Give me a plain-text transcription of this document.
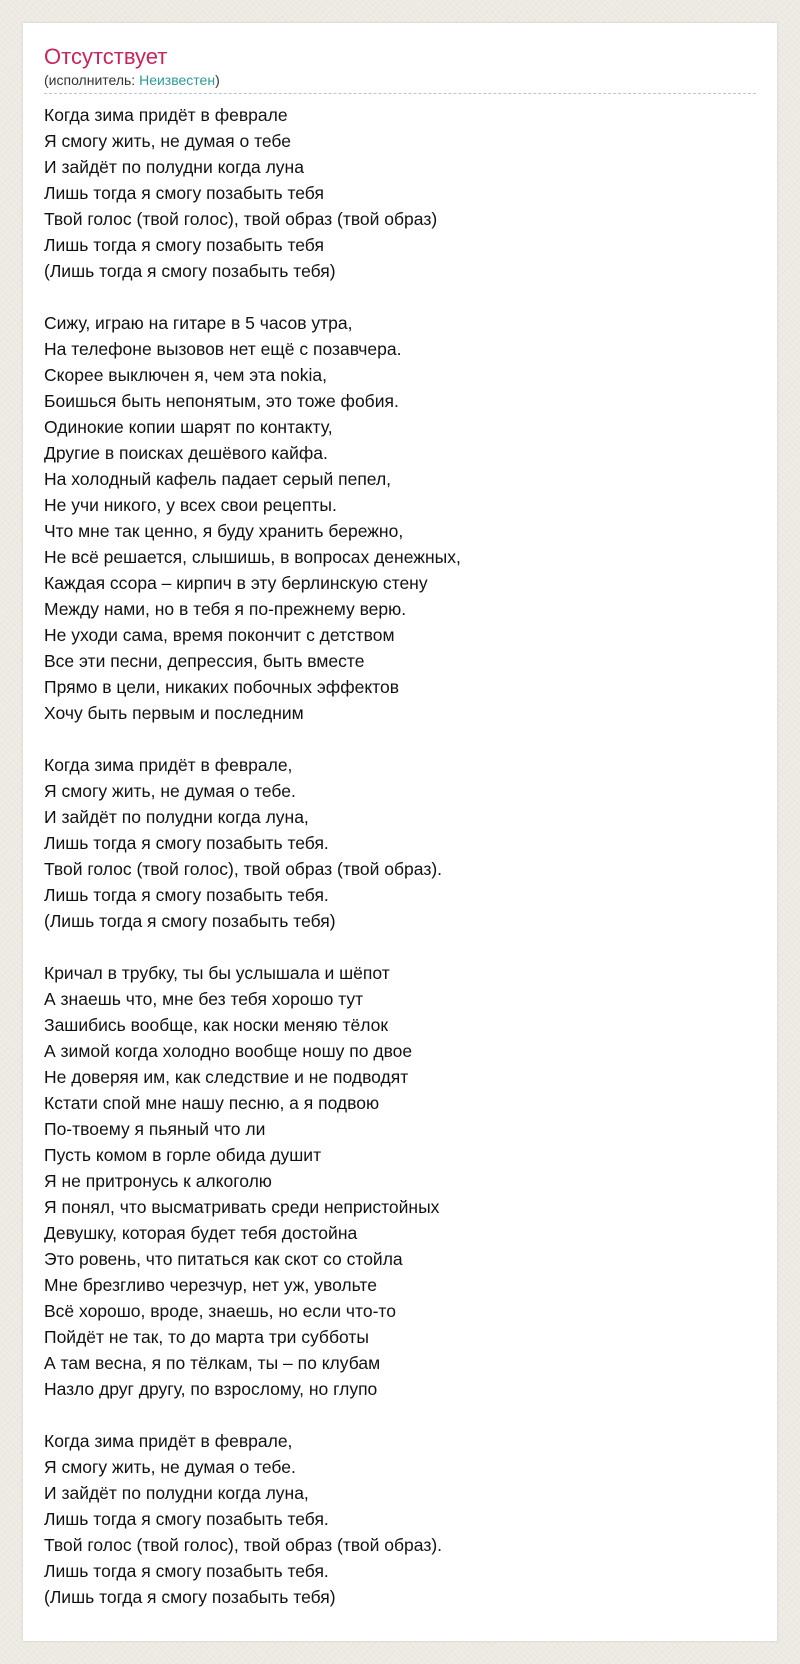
Отсутствует
(исполнитель: Неизвестен)
Когда зима придёт в феврале
Я смогу жить, не думая о тебе
И зайдёт по полудни когда луна
Лишь тогда я смогу позабыть тебя
Твой голос (твой голос), твой образ (твой образ)
Лишь тогда я смогу позабыть тебя
(Лишь тогда я смогу позабыть тебя)
Сижу, играю на гитаре в 5 часов утра,
На телефоне вызовов нет ещё с позавчера.
Скорее выключен я, чем эта nokia,
Боишься быть непонятым, это тоже фобия.
Одинокие копии шарят по контакту,
Другие в поисках дешёвого кайфа.
На холодный кафель падает серый пепел,
Не учи никого, у всех свои рецепты.
Что мне так ценно, я буду хранить бережно,
Не всё решается, слышишь, в вопросах денежных,
Каждая ссора – кирпич в эту берлинскую стену
Между нами, но в тебя я по-прежнему верю.
Не уходи сама, время покончит с детством
Все эти песни, депрессия, быть вместе
Прямо в цели, никаких побочных эффектов
Хочу быть первым и последним
Когда зима придёт в феврале,
Я смогу жить, не думая о тебе.
И зайдёт по полудни когда луна,
Лишь тогда я смогу позабыть тебя.
Твой голос (твой голос), твой образ (твой образ).
Лишь тогда я смогу позабыть тебя.
(Лишь тогда я смогу позабыть тебя)
Кричал в трубку, ты бы услышала и шёпот
А знаешь что, мне без тебя хорошо тут
Зашибись вообще, как носки меняю тёлок
А зимой когда холодно вообще ношу по двое
Не доверяя им, как следствие и не подводят
Кстати спой мне нашу песню, а я подвою
По-твоему я пьяный что ли
Пусть комом в горле обида душит
Я не притронусь к алкоголю
Я понял, что высматривать среди непристойных
Девушку, которая будет тебя достойна
Это ровень, что питаться как скот со стойла
Мне брезгливо черезчур, нет уж, увольте
Всё хорошо, вроде, знаешь, но если что-то
Пойдёт не так, то до марта три субботы
А там весна, я по тёлкам, ты – по клубам
Назло друг другу, по взрослому, но глупо
Когда зима придёт в феврале,
Я смогу жить, не думая о тебе.
И зайдёт по полудни когда луна,
Лишь тогда я смогу позабыть тебя.
Твой голос (твой голос), твой образ (твой образ).
Лишь тогда я смогу позабыть тебя.
(Лишь тогда я смогу позабыть тебя)
